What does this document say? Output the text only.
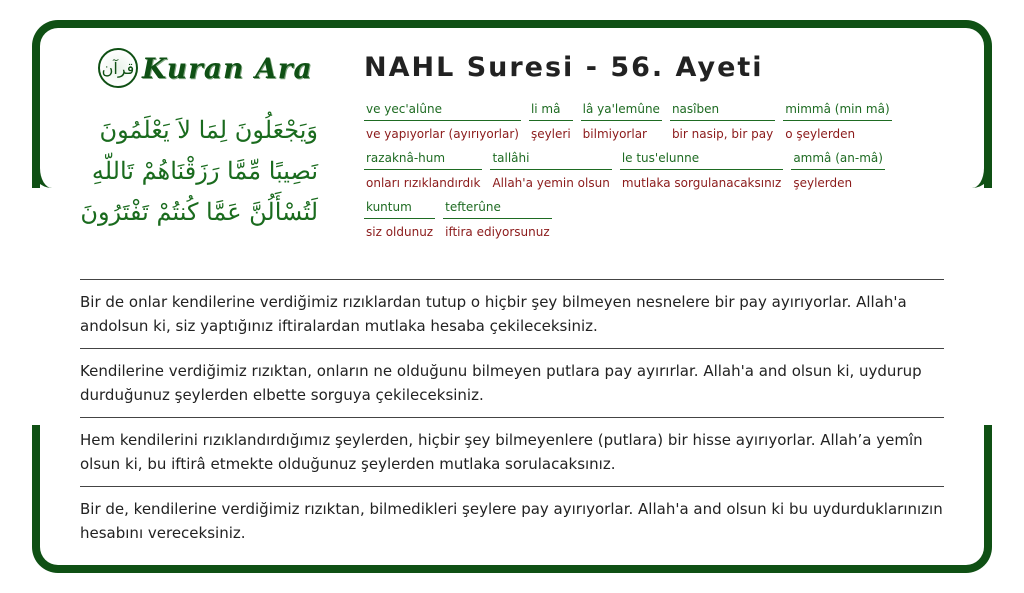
قرآن Kuran Ara
وَيَجْعَلُونَ لِمَا لاَ يَعْلَمُونَ
نَصِيبًا مِّمَّا رَزَقْنَاهُمْ تَاللّهِ
لَتُسْأَلُنَّ عَمَّا كُنتُمْ تَفْتَرُونَ
NAHL Suresi - 56. Ayeti
ve yec'alûne
ve yapıyorlar (ayırıyorlar)
li mâ
şeyleri
lâ ya'lemûne
bilmiyorlar
nasîben
bir nasip, bir pay
mimmâ (min mâ)
o şeylerden
razaknâ-hum
onları rızıklandırdık
tallâhi
Allah'a yemin olsun
le tus'elunne
mutlaka sorgulanacaksınız
ammâ (an-mâ)
şeylerden
kuntum
siz oldunuz
tefterûne
iftira ediyorsunuz

Bir de onlar kendilerine verdiğimiz rızıklardan tutup o hiçbir şey bilmeyen nesnelere bir pay ayırıyorlar. Allah'a andolsun ki, siz yaptığınız iftiralardan mutlaka hesaba çekileceksiniz.

Kendilerine verdiğimiz rızıktan, onların ne olduğunu bilmeyen putlara pay ayırırlar. Allah'a and olsun ki, uydurup durduğunuz şeylerden elbette sorguya çekileceksiniz.

Hem kendilerini rızıklandırdığımız şeylerden, hiçbir şey bilmeyenlere (putlara) bir hisse ayırıyorlar. Allah’a yemîn olsun ki, bu iftirâ etmekte olduğunuz şeylerden mutlaka sorulacaksınız.

Bir de, kendilerine verdiğimiz rızıktan, bilmedikleri şeylere pay ayırıyorlar. Allah'a and olsun ki bu uydurduklarınızın hesabını vereceksiniz.
